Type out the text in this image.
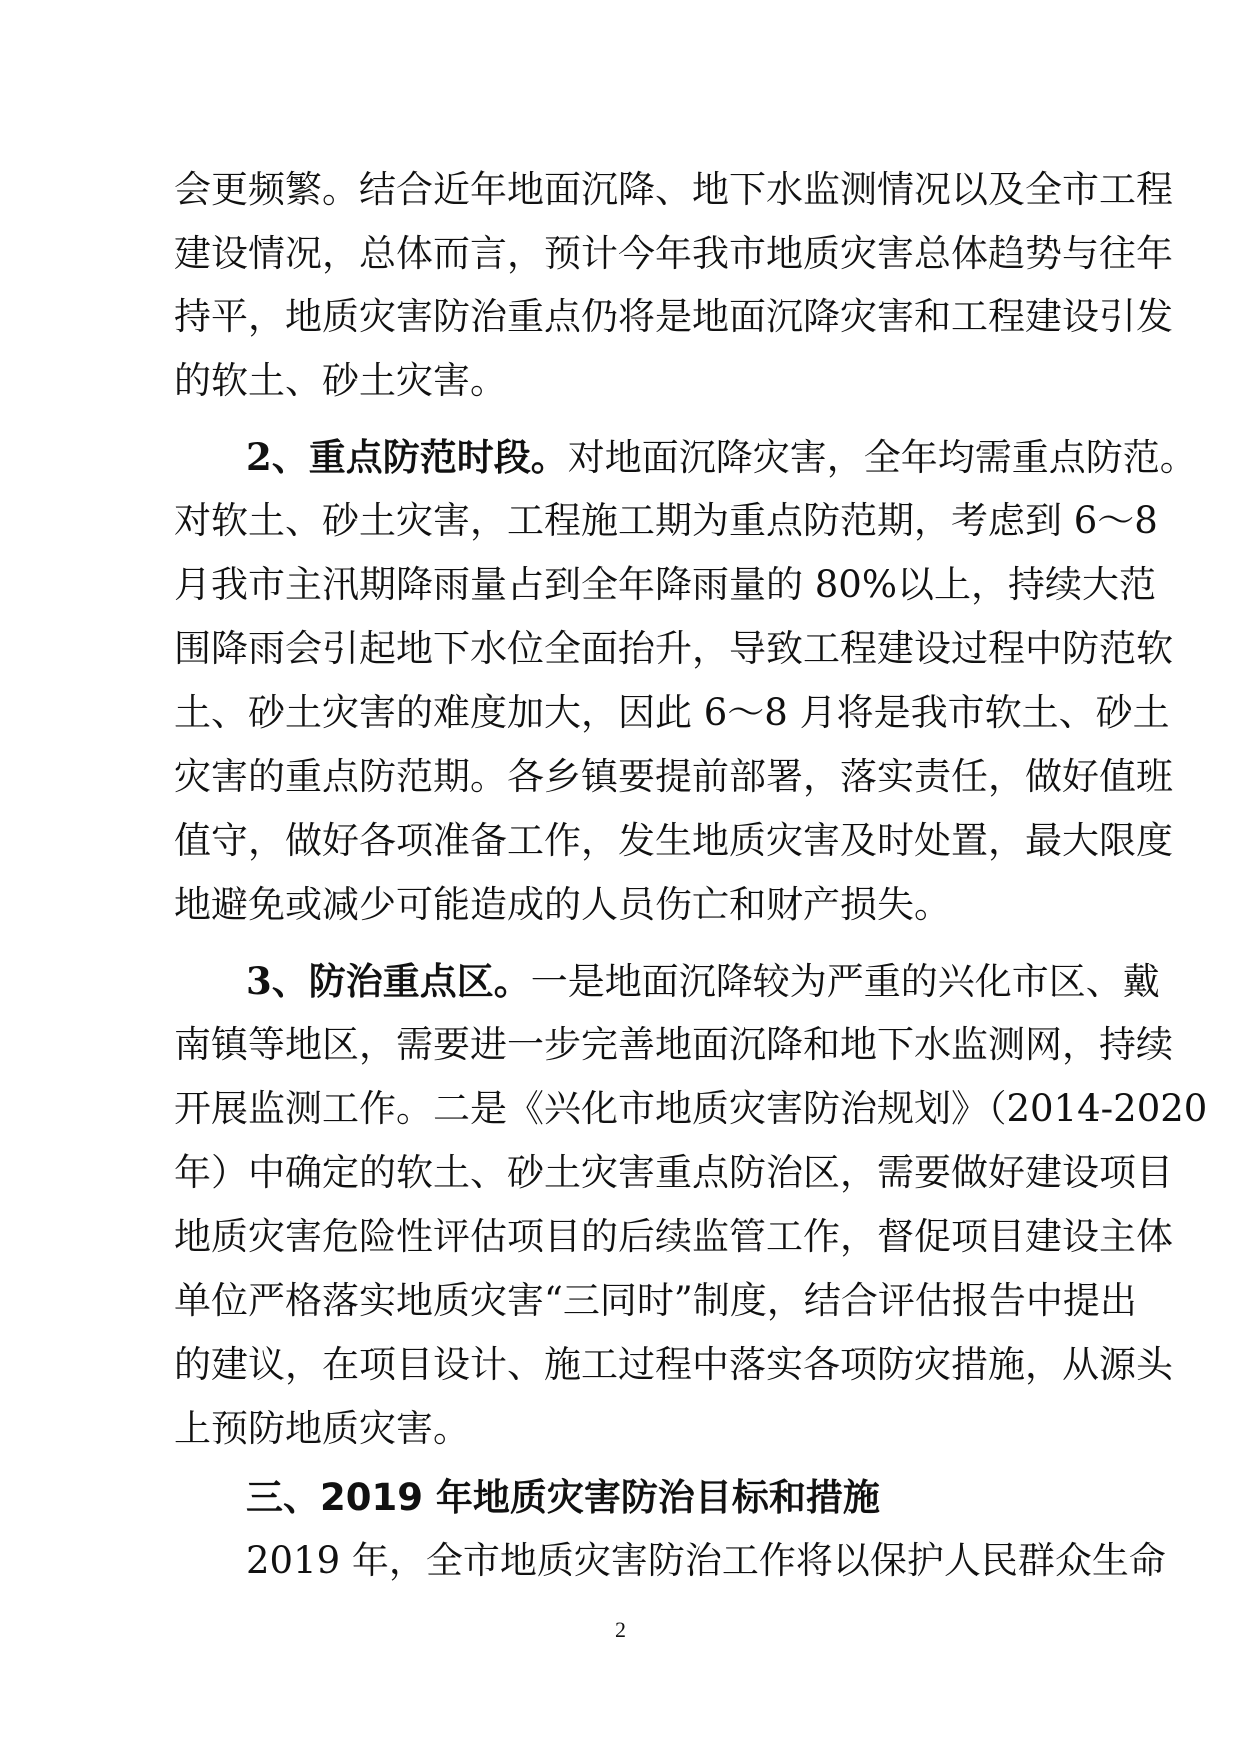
会更频繁。结合近年地面沉降、地下水监测情况以及全市工程
建设情况，总体而言，预计今年我市地质灾害总体趋势与往年
持平，地质灾害防治重点仍将是地面沉降灾害和工程建设引发
的软土、砂土灾害。
2、重点防范时段。对地面沉降灾害，全年均需重点防范。
对软土、砂土灾害，工程施工期为重点防范期，考虑到 6～8
月我市主汛期降雨量占到全年降雨量的 80%以上，持续大范
围降雨会引起地下水位全面抬升，导致工程建设过程中防范软
土、砂土灾害的难度加大，因此 6～8 月将是我市软土、砂土
灾害的重点防范期。各乡镇要提前部署，落实责任，做好值班
值守，做好各项准备工作，发生地质灾害及时处置，最大限度
地避免或减少可能造成的人员伤亡和财产损失。
3、防治重点区。一是地面沉降较为严重的兴化市区、戴
南镇等地区，需要进一步完善地面沉降和地下水监测网，持续
开展监测工作。二是《兴化市地质灾害防治规划》（2014-2020
年）中确定的软土、砂土灾害重点防治区，需要做好建设项目
地质灾害危险性评估项目的后续监管工作，督促项目建设主体
单位严格落实地质灾害“三同时”制度，结合评估报告中提出
的建议，在项目设计、施工过程中落实各项防灾措施，从源头
上预防地质灾害。
三、2019 年地质灾害防治目标和措施
2019 年，全市地质灾害防治工作将以保护人民群众生命
2
